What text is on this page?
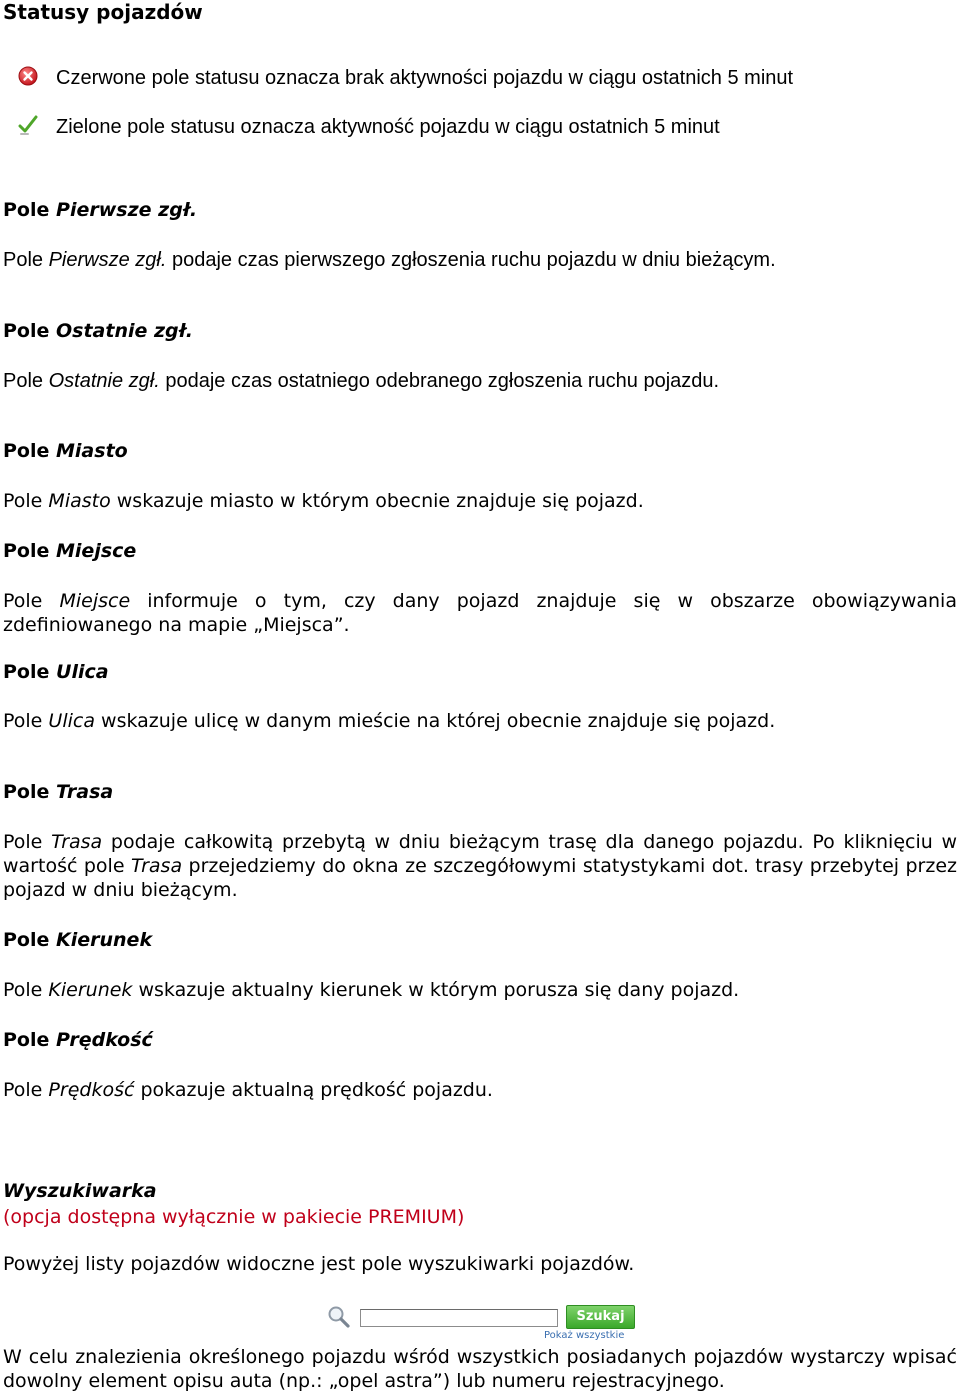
Statusy pojazdów
Czerwone pole statusu oznacza brak aktywności pojazdu w ciągu ostatnich 5 minut
Zielone pole statusu oznacza aktywność pojazdu w ciągu ostatnich 5 minut
Pole Pierwsze zgł.
Pole Pierwsze zgł. podaje czas pierwszego zgłoszenia ruchu pojazdu w dniu bieżącym.
Pole Ostatnie zgł.
Pole Ostatnie zgł. podaje czas ostatniego odebranego zgłoszenia ruchu pojazdu.
Pole Miasto
Pole Miasto wskazuje miasto w którym obecnie znajduje się pojazd.
Pole Miejsce
Pole Miejsce informuje o tym, czy dany pojazd znajduje się w obszarze obowiązywania zdefiniowanego na mapie „Miejsca”.
Pole Ulica
Pole Ulica wskazuje ulicę w danym mieście na której obecnie znajduje się pojazd.
Pole Trasa
Pole Trasa podaje całkowitą przebytą w dniu bieżącym trasę dla danego pojazdu. Po kliknięciu w wartość pole Trasa przejedziemy do okna ze szczegółowymi statystykami dot. trasy przebytej przez pojazd w dniu bieżącym.
Pole Kierunek
Pole Kierunek wskazuje aktualny kierunek w którym porusza się dany pojazd.
Pole Prędkość
Pole Prędkość pokazuje aktualną prędkość pojazdu.
Wyszukiwarka
(opcja dostępna wyłącznie w pakiecie PREMIUM)
Powyżej listy pojazdów widoczne jest pole wyszukiwarki pojazdów.
Szukaj
Pokaż wszystkie
W celu znalezienia określonego pojazdu wśród wszystkich posiadanych pojazdów wystarczy wpisać dowolny element opisu auta (np.: „opel astra”) lub numeru rejestracyjnego.
